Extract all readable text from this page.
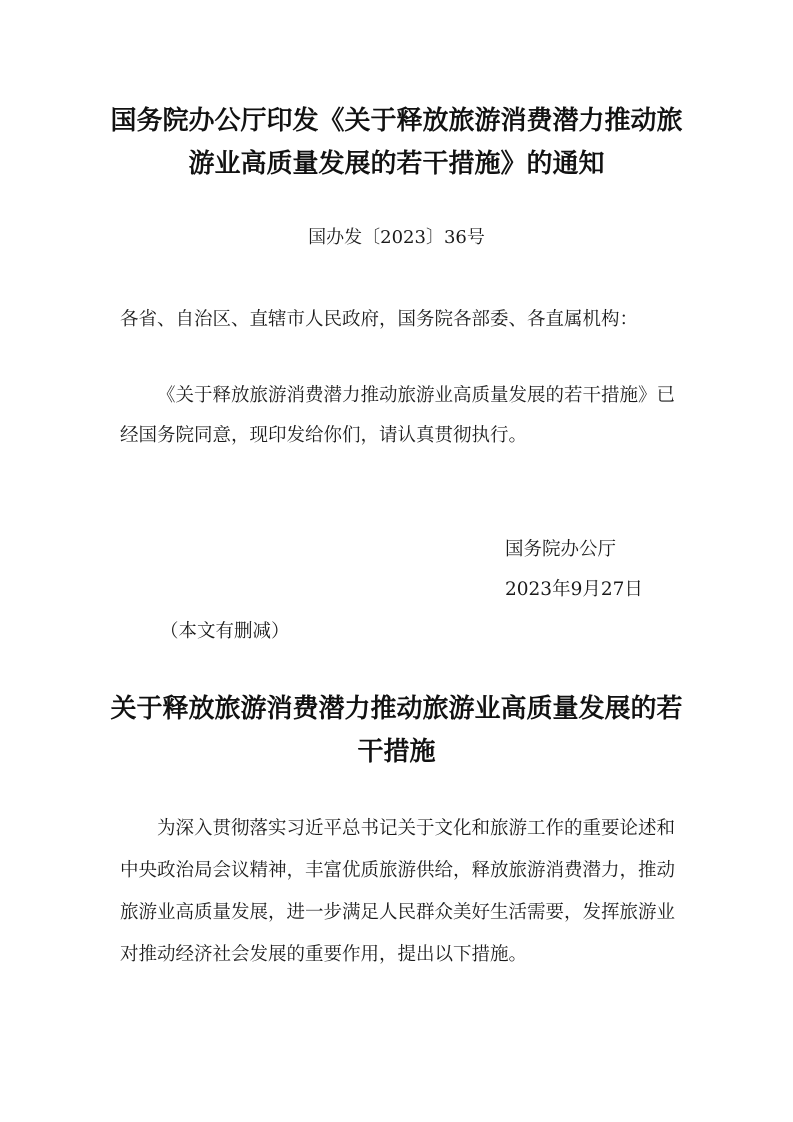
国务院办公厅印发《关于释放旅游消费潜力推动旅游业高质量发展的若干措施》的通知
国办发〔2023〕36号

各省、自治区、直辖市人民政府，国务院各部委、各直属机构：

《关于释放旅游消费潜力推动旅游业高质量发展的若干措施》已经国务院同意，现印发给你们，请认真贯彻执行。

国务院办公厅
2023年9月27日
（本文有删减）
关于释放旅游消费潜力推动旅游业高质量发展的若干措施

为深入贯彻落实习近平总书记关于文化和旅游工作的重要论述和中央政治局会议精神，丰富优质旅游供给，释放旅游消费潜力，推动旅游业高质量发展，进一步满足人民群众美好生活需要，发挥旅游业对推动经济社会发展的重要作用，提出以下措施。
